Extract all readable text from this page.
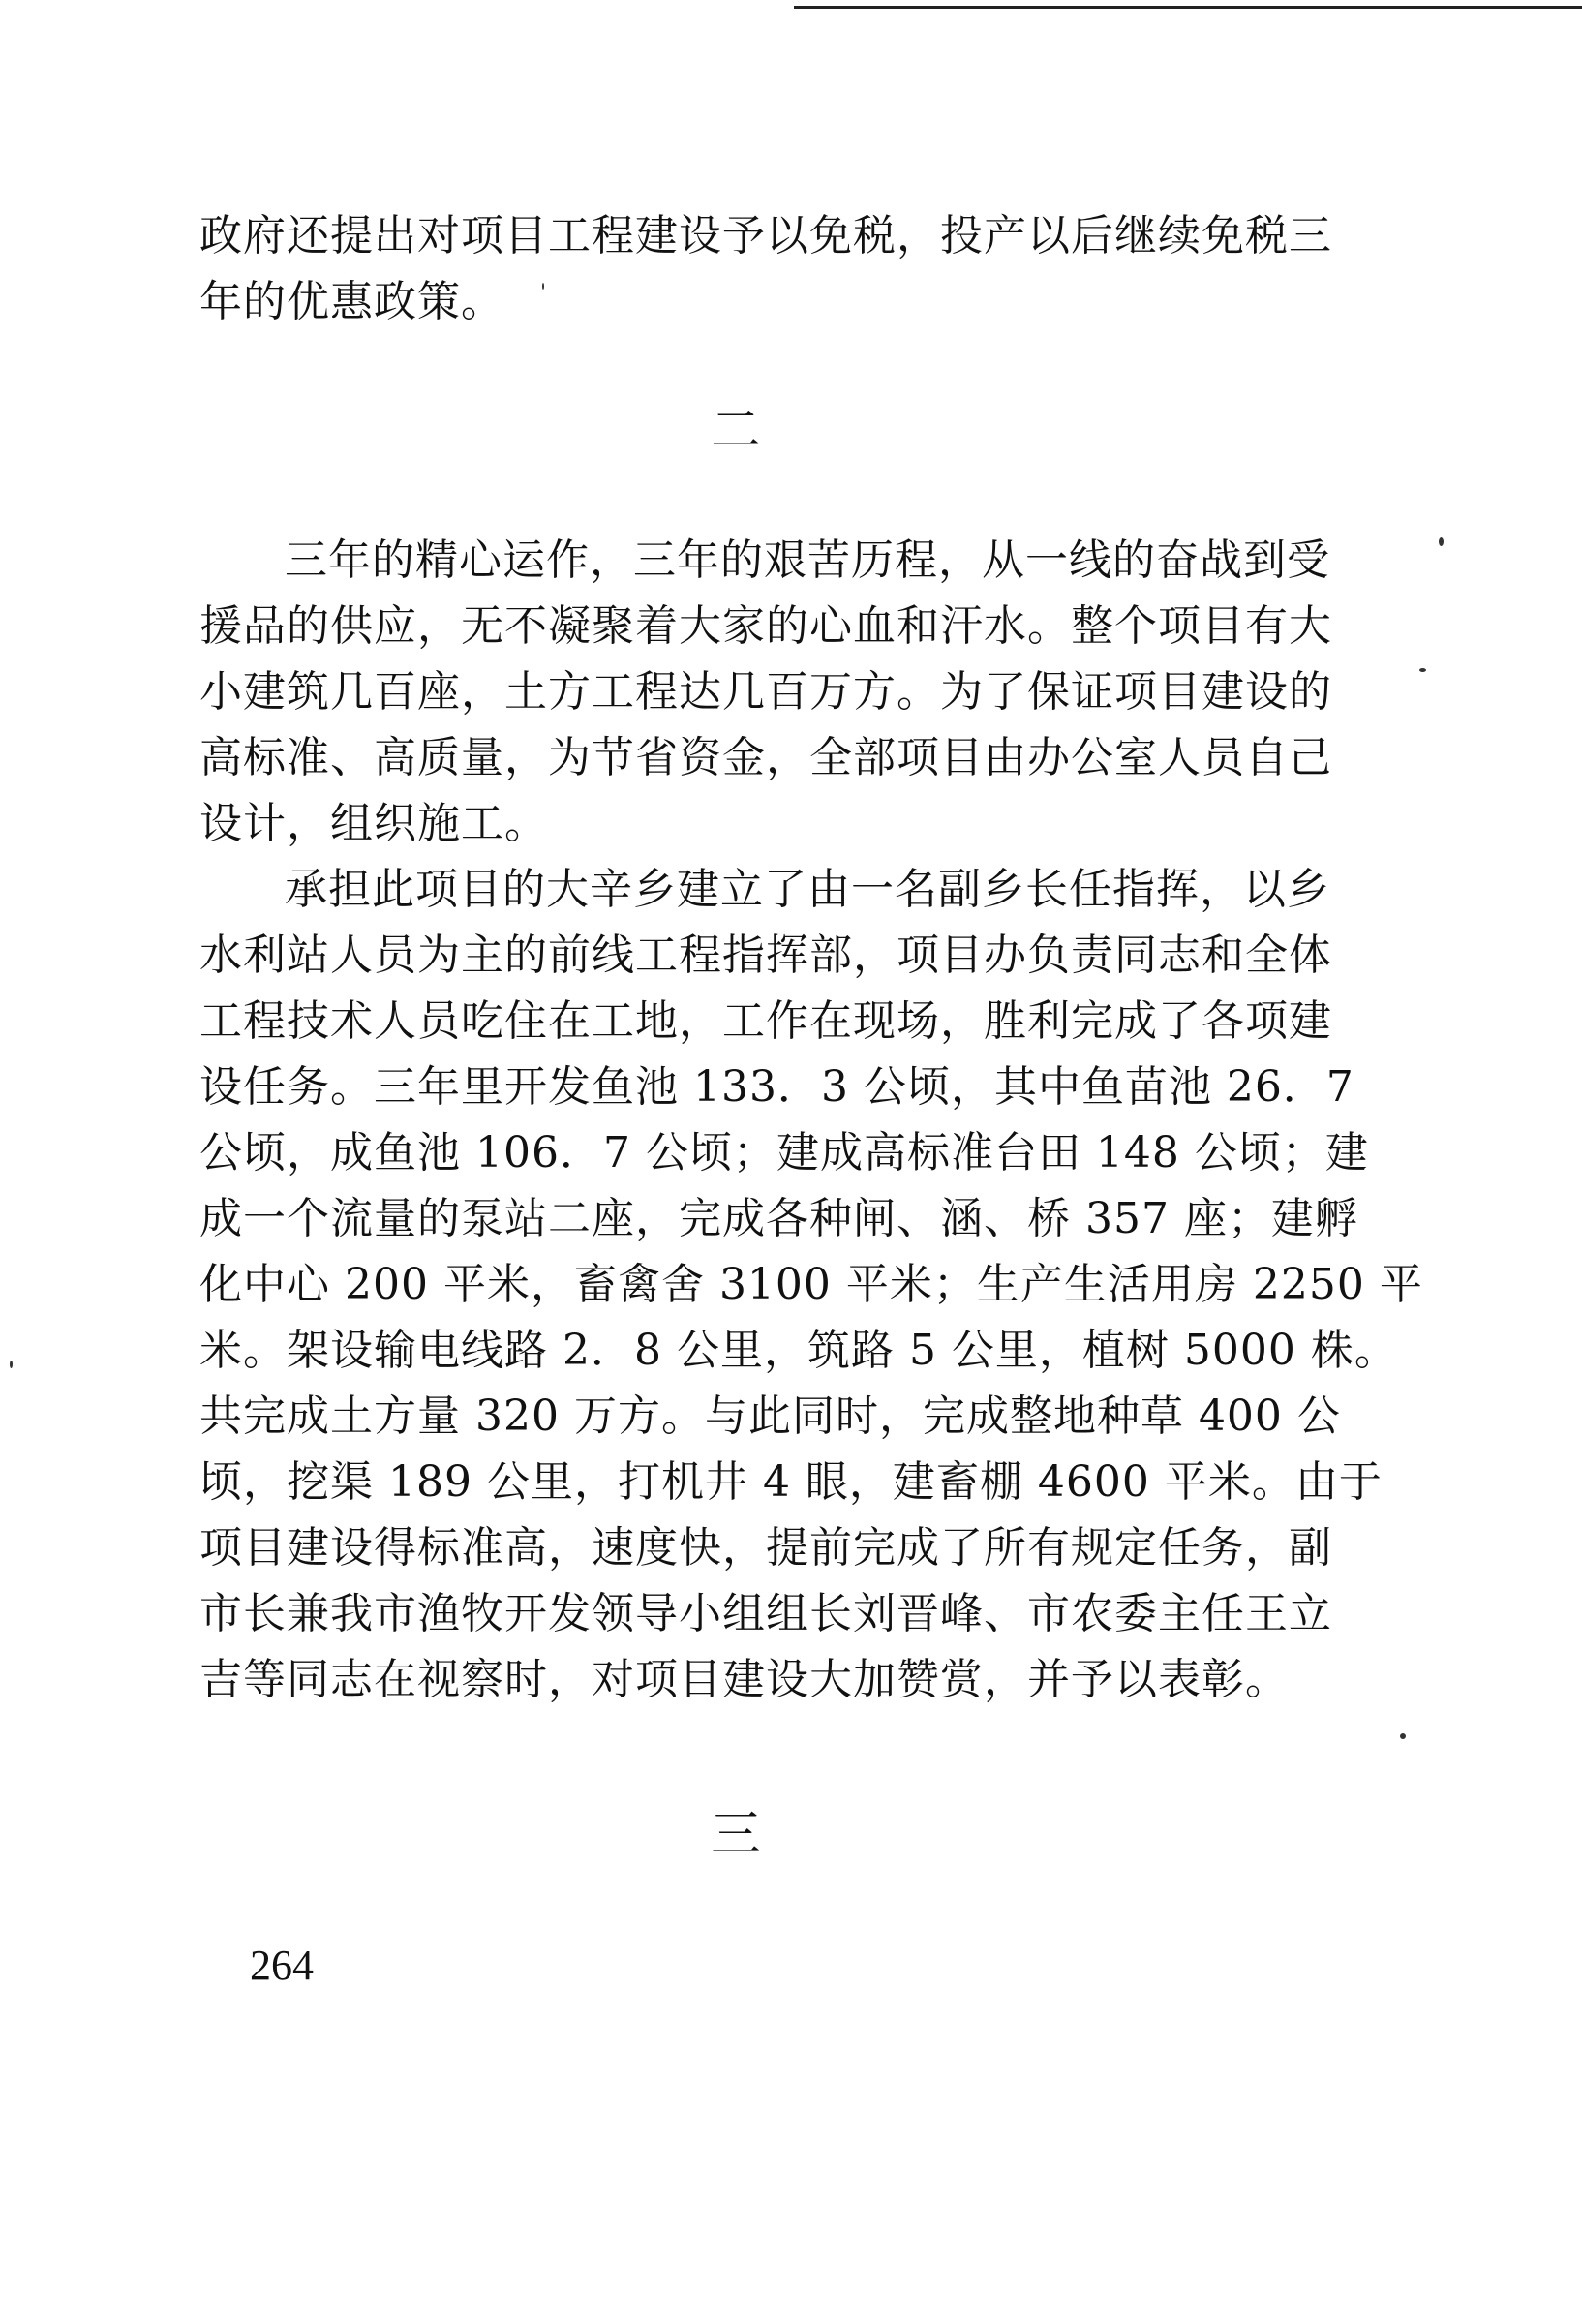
政府还提出对项目工程建设予以免税，投产以后继续免税三
年的优惠政策。
二
三年的精心运作，三年的艰苦历程，从一线的奋战到受
援品的供应，无不凝聚着大家的心血和汗水。整个项目有大
小建筑几百座，土方工程达几百万方。为了保证项目建设的
高标准、高质量，为节省资金，全部项目由办公室人员自己
设计，组织施工。
承担此项目的大辛乡建立了由一名副乡长任指挥，以乡
水利站人员为主的前线工程指挥部，项目办负责同志和全体
工程技术人员吃住在工地，工作在现场，胜利完成了各项建
设任务。三年里开发鱼池 133．3 公顷，其中鱼苗池 26．7
公顷，成鱼池 106．7 公顷；建成高标准台田 148 公顷；建
成一个流量的泵站二座，完成各种闸、涵、桥 357 座；建孵
化中心 200 平米，畜禽舍 3100 平米；生产生活用房 2250 平
米。架设输电线路 2．8 公里，筑路 5 公里，植树 5000 株。
共完成土方量 320 万方。与此同时，完成整地种草 400 公
顷，挖渠 189 公里，打机井 4 眼，建畜棚 4600 平米。由于
项目建设得标准高，速度快，提前完成了所有规定任务，副
市长兼我市渔牧开发领导小组组长刘晋峰、市农委主任王立
吉等同志在视察时，对项目建设大加赞赏，并予以表彰。
三
264
